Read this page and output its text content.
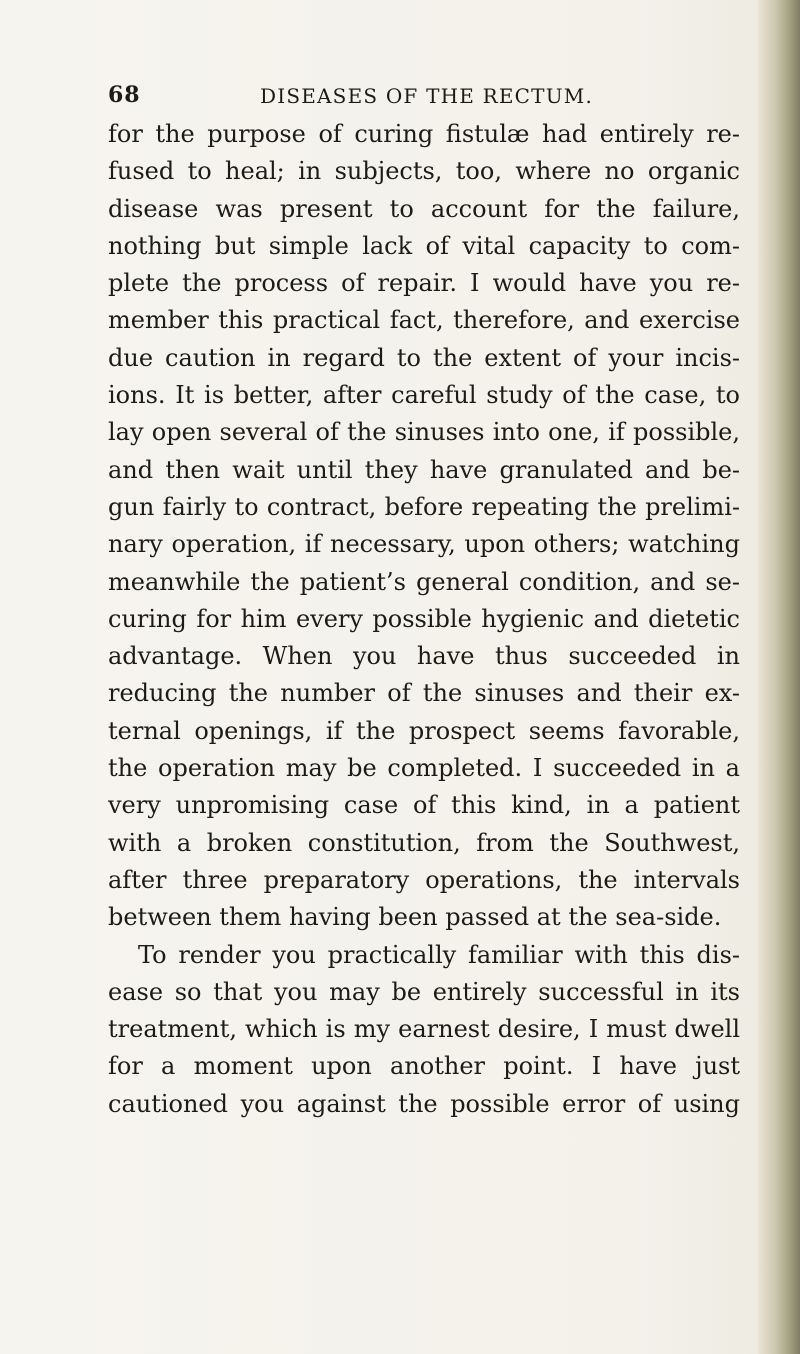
68	DISEASES OF THE RECTUM.
for the purpose of curing fistulæ had entirely re-
fused to heal; in subjects, too, where no organic
disease was present to account for the failure,
nothing but simple lack of vital capacity to com-
plete the process of repair. I would have you re-
member this practical fact, therefore, and exercise
due caution in regard to the extent of your incis-
ions. It is better, after careful study of the case, to
lay open several of the sinuses into one, if possible,
and then wait until they have granulated and be-
gun fairly to contract, before repeating the prelimi-
nary operation, if necessary, upon others; watching
meanwhile the patient’s general condition, and se-
curing for him every possible hygienic and dietetic
advantage. When you have thus succeeded in
reducing the number of the sinuses and their ex-
ternal openings, if the prospect seems favorable,
the operation may be completed. I succeeded in a
very unpromising case of this kind, in a patient
with a broken constitution, from the Southwest,
after three preparatory operations, the intervals
between them having been passed at the sea-side.
To render you practically familiar with this dis-
ease so that you may be entirely successful in its
treatment, which is my earnest desire, I must dwell
for a moment upon another point. I have just
cautioned you against the possible error of using
